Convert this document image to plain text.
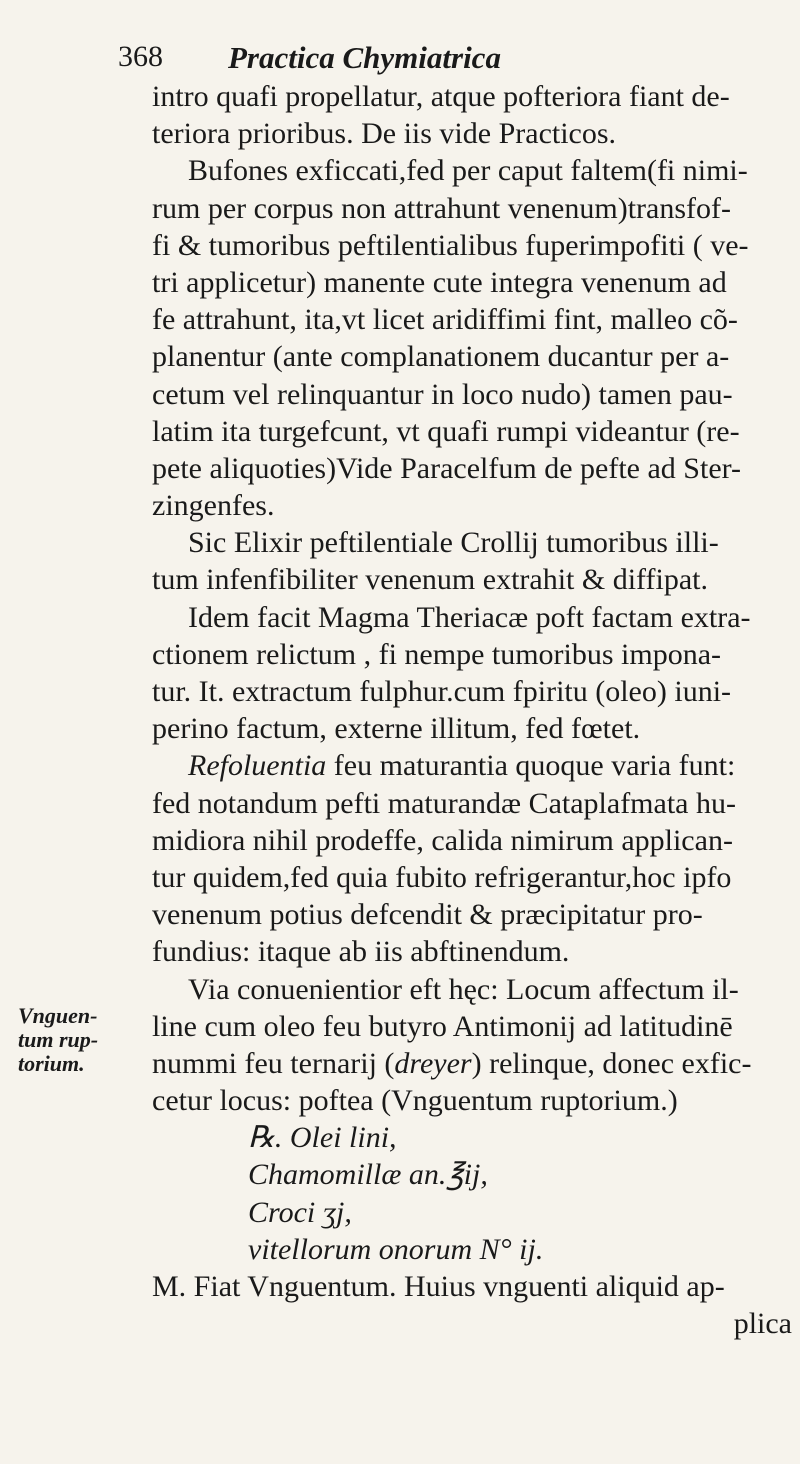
368 Practica Chymiatrica
intro quafi propellatur, atque pofteriora fiant de-
teriora prioribus. De iis vide Practicos.
Bufones exficcati,fed per caput faltem(fi nimi-
rum per corpus non attrahunt venenum)transfof-
fi & tumoribus peftilentialibus fuperimpofiti ( ve-
tri applicetur) manente cute integra venenum ad
fe attrahunt, ita,vt licet aridiffimi fint, malleo cõ-
planentur (ante complanationem ducantur per a-
cetum vel relinquantur in loco nudo) tamen pau-
latim ita turgefcunt, vt quafi rumpi videantur (re-
pete aliquoties)Vide Paracelfum de pefte ad Ster-
zingenfes.
Sic Elixir peftilentiale Crollij tumoribus illi-
tum infenfibiliter venenum extrahit & diffipat.
Idem facit Magma Theriacæ poft factam extra-
ctionem relictum , fi nempe tumoribus impona-
tur. It. extractum fulphur.cum fpiritu (oleo) iuni-
perino factum, externe illitum, fed fœtet.
Refoluentia feu maturantia quoque varia funt:
fed notandum pefti maturandæ Cataplafmata hu-
midiora nihil prodeffe, calida nimirum applican-
tur quidem,fed quia fubito refrigerantur,hoc ipfo
venenum potius defcendit & præcipitatur pro-
fundius: itaque ab iis abftinendum.
Via conuenientior eft hęc: Locum affectum il-
line cum oleo feu butyro Antimonij ad latitudinē
nummi feu ternarij (dreyer) relinque, donec exfic-
cetur locus: poftea (Vnguentum ruptorium.)
℞. Olei lini,
Chamomillæ an.℥ij,
Croci ʒj,
vitellorum onorum N° ij.
M. Fiat Vnguentum. Huius vnguenti aliquid ap-
plica
Vnguen-
tum rup-
torium.
